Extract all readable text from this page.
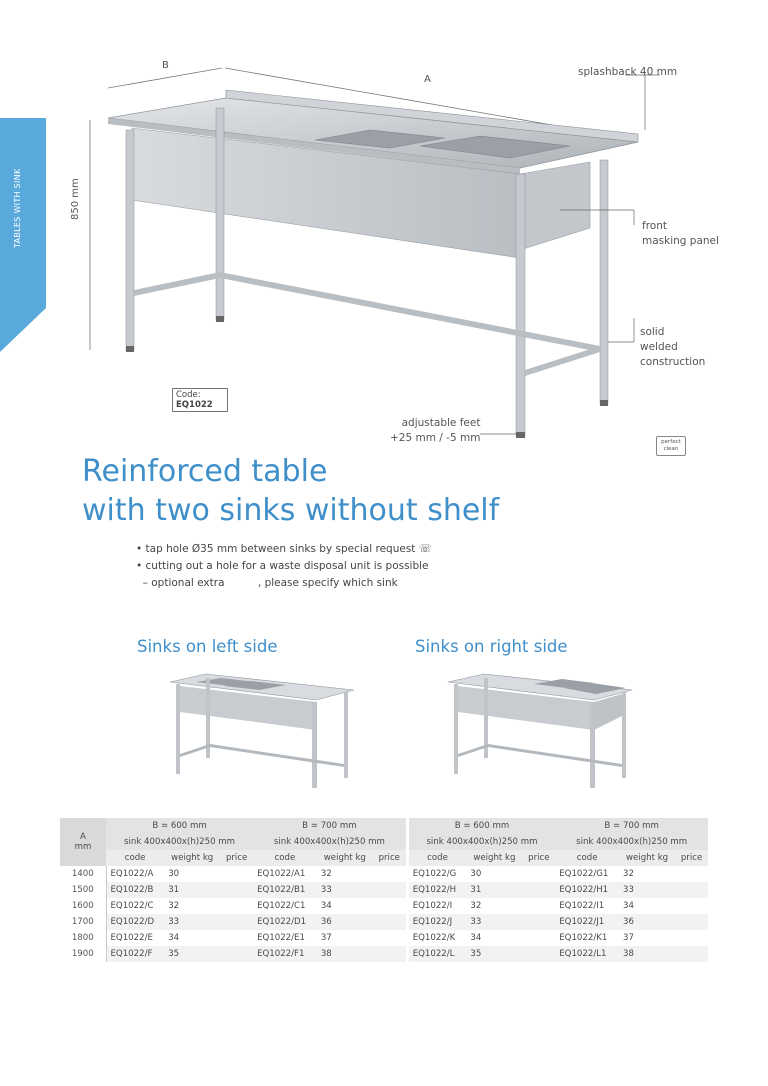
TABLES WITH SINK
B
A
850 mm
splashback 40 mm
front
masking panel
solid
welded
construction
adjustable feet
+25 mm / -5 mm
Code:
EQ1022
perfect
clean
Reinforced table
with two sinks without shelf
• tap hole Ø35 mm between sinks by special request ☏
• cutting out a hole for a waste disposal unit is possible
– optional extra          , please specify which sink
Sinks on left side	Sinks on right side
A
mm	B = 600 mm			B = 700 mm				B = 600 mm			B = 700 mm		
	sink 400x400x(h)250 mm			sink 400x400x(h)250 mm				sink 400x400x(h)250 mm			sink 400x400x(h)250 mm		
	code	weight kg	price	code	weight kg	price		code	weight kg	price	code	weight kg	price
1400	EQ1022/A	30		EQ1022/A1	32			EQ1022/G	30		EQ1022/G1	32	
1500	EQ1022/B	31		EQ1022/B1	33			EQ1022/H	31		EQ1022/H1	33	
1600	EQ1022/C	32		EQ1022/C1	34			EQ1022/I	32		EQ1022/I1	34	
1700	EQ1022/D	33		EQ1022/D1	36			EQ1022/J	33		EQ1022/J1	36	
1800	EQ1022/E	34		EQ1022/E1	37			EQ1022/K	34		EQ1022/K1	37	
1900	EQ1022/F	35		EQ1022/F1	38			EQ1022/L	35		EQ1022/L1	38	
